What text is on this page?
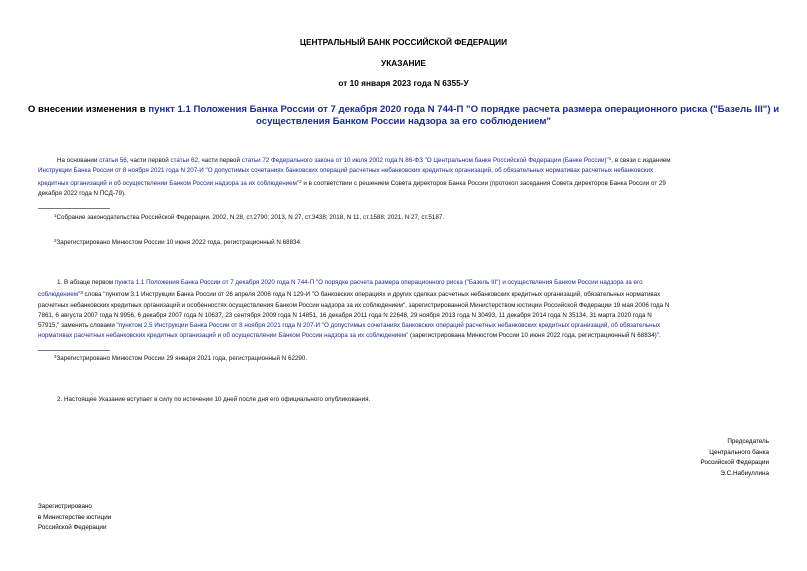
ЦЕНТРАЛЬНЫЙ БАНК РОССИЙСКОЙ ФЕДЕРАЦИИ
УКАЗАНИЕ
от 10 января 2023 года N 6355-У
О внесении изменения в пункт 1.1 Положения Банка России от 7 декабря 2020 года N 744-П "О порядке расчета размера операционного риска ("Базель III") и
осуществления Банком России надзора за его соблюдением"
На основании статьи 56, части первой статьи 62, части первой статьи 72 Федерального закона от 10 июля 2002 года N 86-ФЗ "О Центральном банке Российской Федерации (Банке России)"$^1$, в связи с изданием
Инструкции Банка России от 8 ноября 2021 года N 207-И "О допустимых сочетаниях банковских операций расчетных небанковских кредитных организаций, об обязательных нормативах расчетных небанковских
кредитных организаций и об осуществлении Банком России надзора за их соблюдением"$^2$ и в соответствии с решением Совета директоров Банка России (протокол заседания Совета директоров Банка России от 29
декабря 2022 года N ПСД-79).
$^1$Собрание законодательства Российской Федерации, 2002, N 28, ст.2790; 2013, N 27, ст.3438; 2018, N 11, ст.1588; 2021, N 27, ст.5187.
$^2$Зарегистрировано Минюстом России 10 июня 2022 года, регистрационный N 68834.
1. В абзаце первом пункта 1.1 Положения Банка России от 7 декабря 2020 года N 744-П "О порядке расчета размера операционного риска ("Базель III") и осуществления Банком России надзора за его
соблюдением"$^3$ слова "пунктом 3.1 Инструкции Банка России от 26 апреля 2006 года N 129-И "О банковских операциях и других сделках расчетных небанковских кредитных организаций, обязательных нормативах
расчетных небанковских кредитных организаций и особенностях осуществления Банком России надзора за их соблюдением", зарегистрированной Министерством юстиции Российской Федерации 19 мая 2006 года N
7861, 6 августа 2007 года N 9956, 6 декабря 2007 года N 10637, 23 сентября 2009 года N 14851, 16 декабря 2011 года N 22648, 29 ноября 2013 года N 30493, 11 декабря 2014 года N 35134, 31 марта 2020 года N
57915," заменить словами "пунктом 2.5 Инструкции Банка России от 8 ноября 2021 года N 207-И "О допустимых сочетаниях банковских операций расчетных небанковских кредитных организаций, об обязательных
нормативах расчетных небанковских кредитных организаций и об осуществлении Банком России надзора за их соблюдением" (зарегистрирована Минюстом России 10 июня 2022 года, регистрационный N 68834)".
$^3$Зарегистрировано Минюстом России 29 января 2021 года, регистрационный N 62290.
2. Настоящее Указание вступает в силу по истечении 10 дней после дня его официального опубликования.
Председатель
Центрального банка
Российской Федерации
Э.С.Набиуллина
Зарегистрировано
в Министерстве юстиции
Российской Федерации
